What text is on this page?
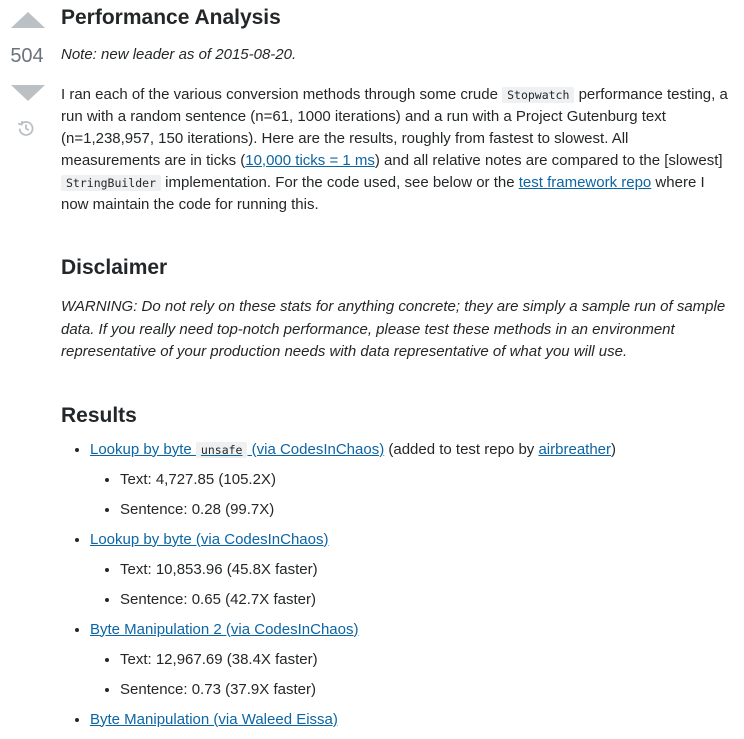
504
Performance Analysis

Note: new leader as of 2015-08-20.

I ran each of the various conversion methods through some crude Stopwatch performance testing, a run with a random sentence (n=61, 1000 iterations) and a run with a Project Gutenburg text (n=1,238,957, 150 iterations). Here are the results, roughly from fastest to slowest. All measurements are in ticks (10,000 ticks = 1 ms) and all relative notes are compared to the [slowest] StringBuilder implementation. For the code used, see below or the test framework repo where I now maintain the code for running this.

Disclaimer

WARNING: Do not rely on these stats for anything concrete; they are simply a sample run of sample data. If you really need top-notch performance, please test these methods in an environment representative of your production needs with data representative of what you will use.

Results
• Lookup by byte unsafe (via CodesInChaos) (added to test repo by airbreather)
• Text: 4,727.85 (105.2X)
• Sentence: 0.28 (99.7X)
• Lookup by byte (via CodesInChaos)
• Text: 10,853.96 (45.8X faster)
• Sentence: 0.65 (42.7X faster)
• Byte Manipulation 2 (via CodesInChaos)
• Text: 12,967.69 (38.4X faster)
• Sentence: 0.73 (37.9X faster)
• Byte Manipulation (via Waleed Eissa)
